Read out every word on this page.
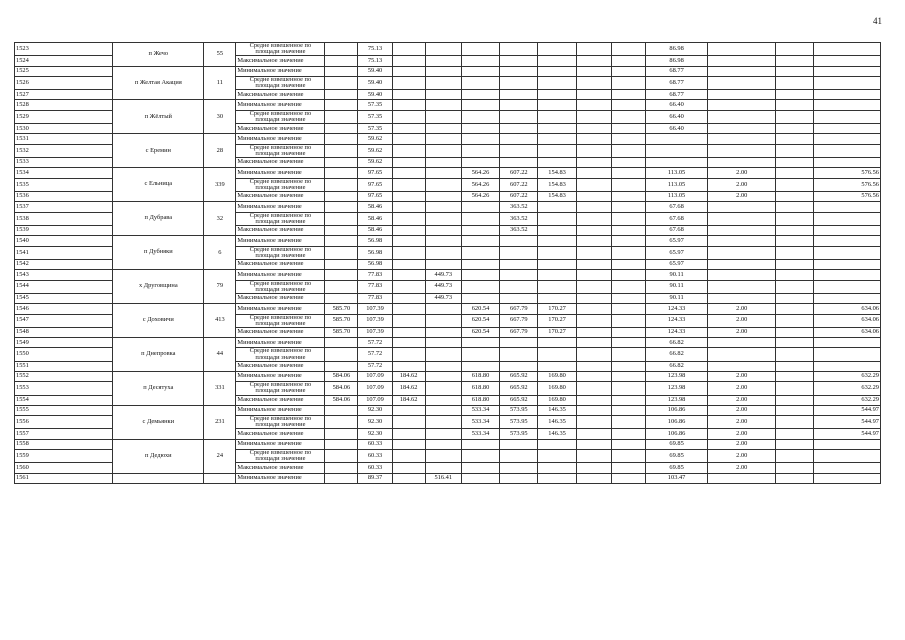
41
1523	п Жечо	55	Средне взвешенное по площади значение		75.13								86.98			
1524			Максимальное значение		75.13								86.98			
1525	п Желтая Акация	11	Минимальное значение		59.40								68.77			
1526			Средне взвешенное по площади значение		59.40								68.77			
1527			Максимальное значение		59.40								68.77			
1528	п Жёлтый	30	Минимальное значение		57.35								66.40			
1529			Средне взвешенное по площади значение		57.35								66.40			
1530			Максимальное значение		57.35								66.40			
1531	с Еремин	28	Минимальное значение		59.62											
1532			Средне взвешенное по площади значение		59.62											
1533			Максимальное значение		59.62											
1534	с Ельница	339	Минимальное значение		97.65			564.26	607.22	154.83			113.05	2.00		576.56
1535			Средне взвешенное по площади значение		97.65			564.26	607.22	154.83			113.05	2.00		576.56
1536			Максимальное значение		97.65			564.26	607.22	154.83			113.05	2.00		576.56
1537	п Дубрава	32	Минимальное значение		58.46				363.52				67.68			
1538			Средне взвешенное по площади значение		58.46				363.52				67.68			
1539			Максимальное значение		58.46				363.52				67.68			
1540	п Дубняки	6	Минимальное значение		56.98								65.97			
1541			Средне взвешенное по площади значение		56.98								65.97			
1542			Максимальное значение		56.98								65.97			
1543	х Друговщина	79	Минимальное значение		77.83		449.73						90.11			
1544			Средне взвешенное по площади значение		77.83		449.73						90.11			
1545			Максимальное значение		77.83		449.73						90.11			
1546	с Доховичи	413	Минимальное значение	585.70	107.39			620.54	667.79	170.27			124.33	2.00		634.06
1547			Средне взвешенное по площади значение	585.70	107.39			620.54	667.79	170.27			124.33	2.00		634.06
1548			Максимальное значение	585.70	107.39			620.54	667.79	170.27			124.33	2.00		634.06
1549	п Днепровка	44	Минимальное значение		57.72								66.82			
1550			Средне взвешенное по площади значение		57.72								66.82			
1551			Максимальное значение		57.72								66.82			
1552	п Десятуха	331	Минимальное значение	584.06	107.09	184.62		618.80	665.92	169.80			123.98	2.00		632.29
1553			Средне взвешенное по площади значение	584.06	107.09	184.62		618.80	665.92	169.80			123.98	2.00		632.29
1554			Максимальное значение	584.06	107.09	184.62		618.80	665.92	169.80			123.98	2.00		632.29
1555	с Демьянки	231	Минимальное значение		92.30			533.34	573.95	146.35			106.86	2.00		544.97
1556			Средне взвешенное по площади значение		92.30			533.34	573.95	146.35			106.86	2.00		544.97
1557			Максимальное значение		92.30			533.34	573.95	146.35			106.86	2.00		544.97
1558	п Дедюхи	24	Минимальное значение		60.33								69.85	2.00		
1559			Средне взвешенное по площади значение		60.33								69.85	2.00		
1560			Максимальное значение		60.33								69.85	2.00		
1561			Минимальное значение		89.37		516.41						103.47			
